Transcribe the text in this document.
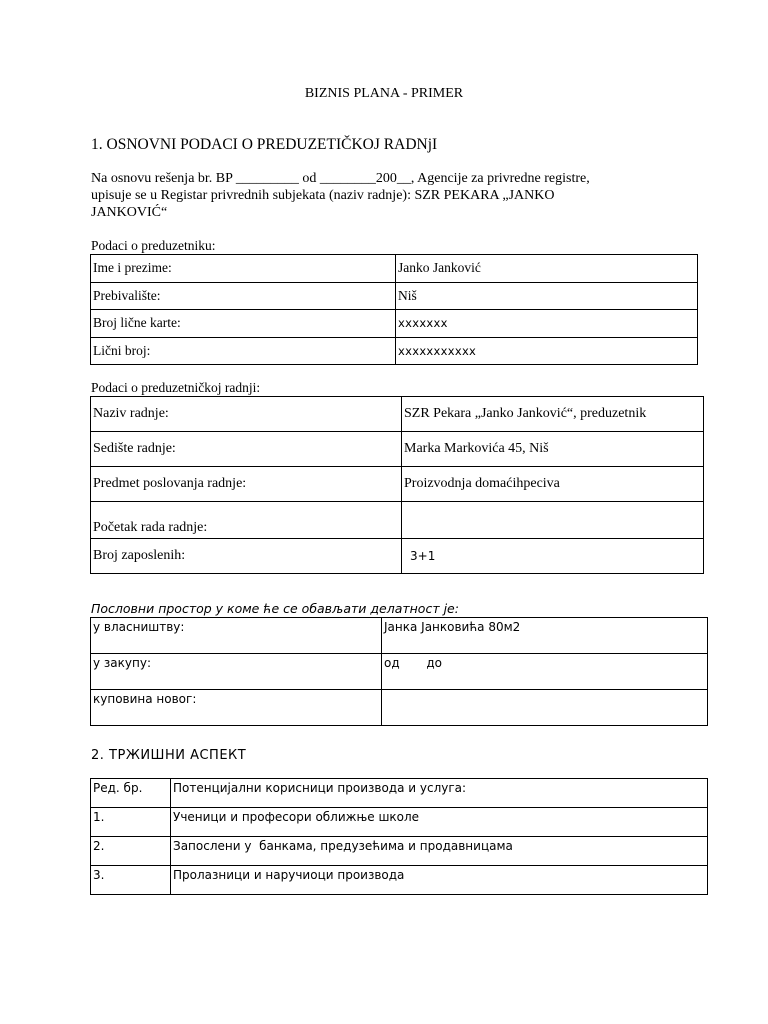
BIZNIS PLANA - PRIMER
1. OSNOVNI PODACI O PREDUZETIČKOJ RADNjI
Na osnovu rešenja br. BP _________ od ________200__, Agencije za privredne registre,
upisuje se u Registar privrednih subjekata (naziv radnje): SZR PEKARA „JANKO
JANKOVIĆ“
Podaci o preduzetniku:
Ime i prezime:	Janko Janković
Prebivalište:	Niš
Broj lične karte:	xxxxxxx
Lični broj:	xxxxxxxxxxx
Podaci o preduzetničkoj radnji:
Naziv radnje:	SZR Pekara „Janko Janković“, preduzetnik
Sedište radnje:	Marka Markovića 45, Niš
Predmet poslovanja radnje:	Proizvodnja domaćihpeciva
Početak rada radnje:	
Broj zaposlenih:	3+1
Пословни простор у коме ће се обављати делатност је:
у власништву:	Јанка Јанковића 80м2
у закупу:	од       до
куповина новог:	
2. ТРЖИШНИ АСПЕКТ
Ред. бр.	Потенцијални корисници производа и услуга:
1.	Ученици и професори оближње школе
2.	Запослени у  банкама, предузећима и продавницама
3.	Пролазници и наручиоци производа
